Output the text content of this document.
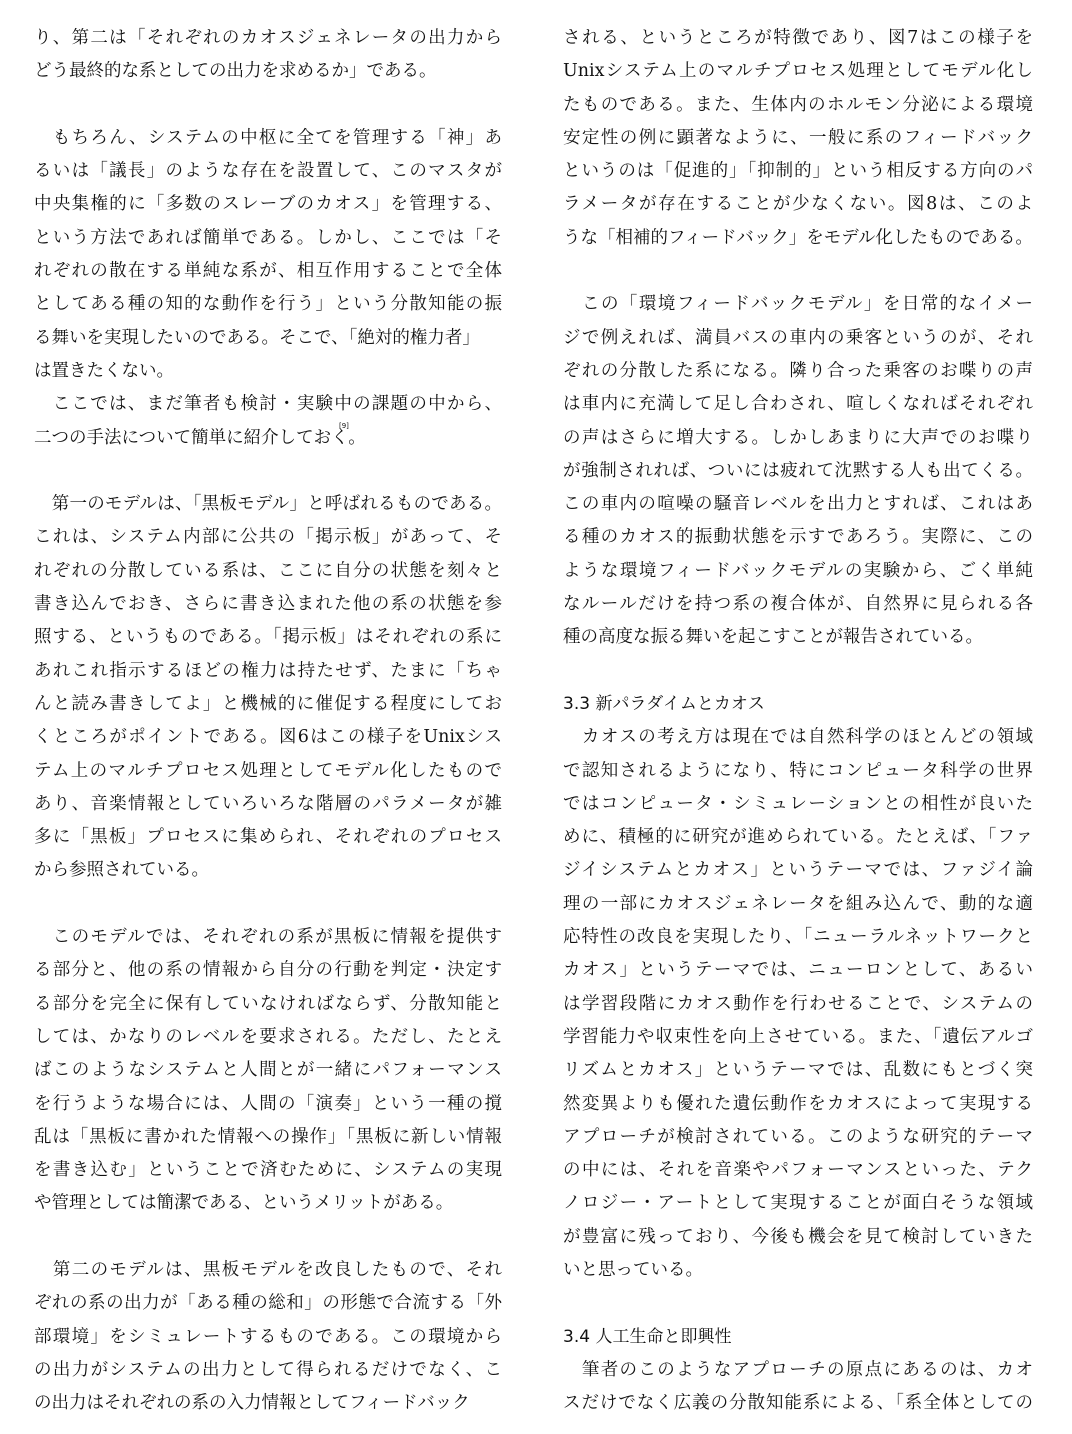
り、第二は「それぞれのカオスジェネレータの出力から
どう最終的な系としての出力を求めるか」である。
　もちろん、システムの中枢に全てを管理する「神」あ
るいは「議長」のような存在を設置して、このマスタが
中央集権的に「多数のスレーブのカオス」を管理する、
という方法であれば簡単である。しかし、ここでは「そ
れぞれの散在する単純な系が、相互作用することで全体
としてある種の知的な動作を行う」という分散知能の振
る舞いを実現したいのである。そこで、「絶対的権力者」
は置きたくない。
　ここでは、まだ筆者も検討・実験中の課題の中から、
二つの手法について簡単に紹介しておく。
[9]
　第一のモデルは、「黒板モデル」と呼ばれるものである。
これは、システム内部に公共の「掲示板」があって、そ
れぞれの分散している系は、ここに自分の状態を刻々と
書き込んでおき、さらに書き込まれた他の系の状態を参
照する、というものである。「掲示板」はそれぞれの系に
あれこれ指示するほどの権力は持たせず、たまに「ちゃ
んと読み書きしてよ」と機械的に催促する程度にしてお
くところがポイントである。図6はこの様子をUnixシス
テム上のマルチプロセス処理としてモデル化したもので
あり、音楽情報としていろいろな階層のパラメータが雑
多に「黒板」プロセスに集められ、それぞれのプロセス
から参照されている。
　このモデルでは、それぞれの系が黒板に情報を提供す
る部分と、他の系の情報から自分の行動を判定・決定す
る部分を完全に保有していなければならず、分散知能と
しては、かなりのレベルを要求される。ただし、たとえ
ばこのようなシステムと人間とが一緒にパフォーマンス
を行うような場合には、人間の「演奏」という一種の撹
乱は「黒板に書かれた情報への操作」「黒板に新しい情報
を書き込む」ということで済むために、システムの実現
や管理としては簡潔である、というメリットがある。
　第二のモデルは、黒板モデルを改良したもので、それ
ぞれの系の出力が「ある種の総和」の形態で合流する「外
部環境」をシミュレートするものである。この環境から
の出力がシステムの出力として得られるだけでなく、こ
の出力はそれぞれの系の入力情報としてフィードバック
される、というところが特徴であり、図7はこの様子を
Unixシステム上のマルチプロセス処理としてモデル化し
たものである。また、生体内のホルモン分泌による環境
安定性の例に顕著なように、一般に系のフィードバック
というのは「促進的」「抑制的」という相反する方向のパ
ラメータが存在することが少なくない。図8は、このよ
うな「相補的フィードバック」をモデル化したものである。
　この「環境フィードバックモデル」を日常的なイメー
ジで例えれば、満員バスの車内の乗客というのが、それ
ぞれの分散した系になる。隣り合った乗客のお喋りの声
は車内に充満して足し合わされ、喧しくなればそれぞれ
の声はさらに増大する。しかしあまりに大声でのお喋り
が強制されれば、ついには疲れて沈黙する人も出てくる。
この車内の喧噪の騒音レベルを出力とすれば、これはあ
る種のカオス的振動状態を示すであろう。実際に、この
ような環境フィードバックモデルの実験から、ごく単純
なルールだけを持つ系の複合体が、自然界に見られる各
種の高度な振る舞いを起こすことが報告されている。
3.3 新パラダイムとカオス
　カオスの考え方は現在では自然科学のほとんどの領域
で認知されるようになり、特にコンピュータ科学の世界
ではコンピュータ・シミュレーションとの相性が良いた
めに、積極的に研究が進められている。たとえば、「ファ
ジイシステムとカオス」というテーマでは、ファジイ論
理の一部にカオスジェネレータを組み込んで、動的な適
応特性の改良を実現したり、「ニューラルネットワークと
カオス」というテーマでは、ニューロンとして、あるい
は学習段階にカオス動作を行わせることで、システムの
学習能力や収束性を向上させている。また、「遺伝アルゴ
リズムとカオス」というテーマでは、乱数にもとづく突
然変異よりも優れた遺伝動作をカオスによって実現する
アプローチが検討されている。このような研究的テーマ
の中には、それを音楽やパフォーマンスといった、テク
ノロジー・アートとして実現することが面白そうな領域
が豊富に残っており、今後も機会を見て検討していきた
いと思っている。
3.4 人工生命と即興性
　筆者のこのようなアプローチの原点にあるのは、カオ
スだけでなく広義の分散知能系による、「系全体としての
